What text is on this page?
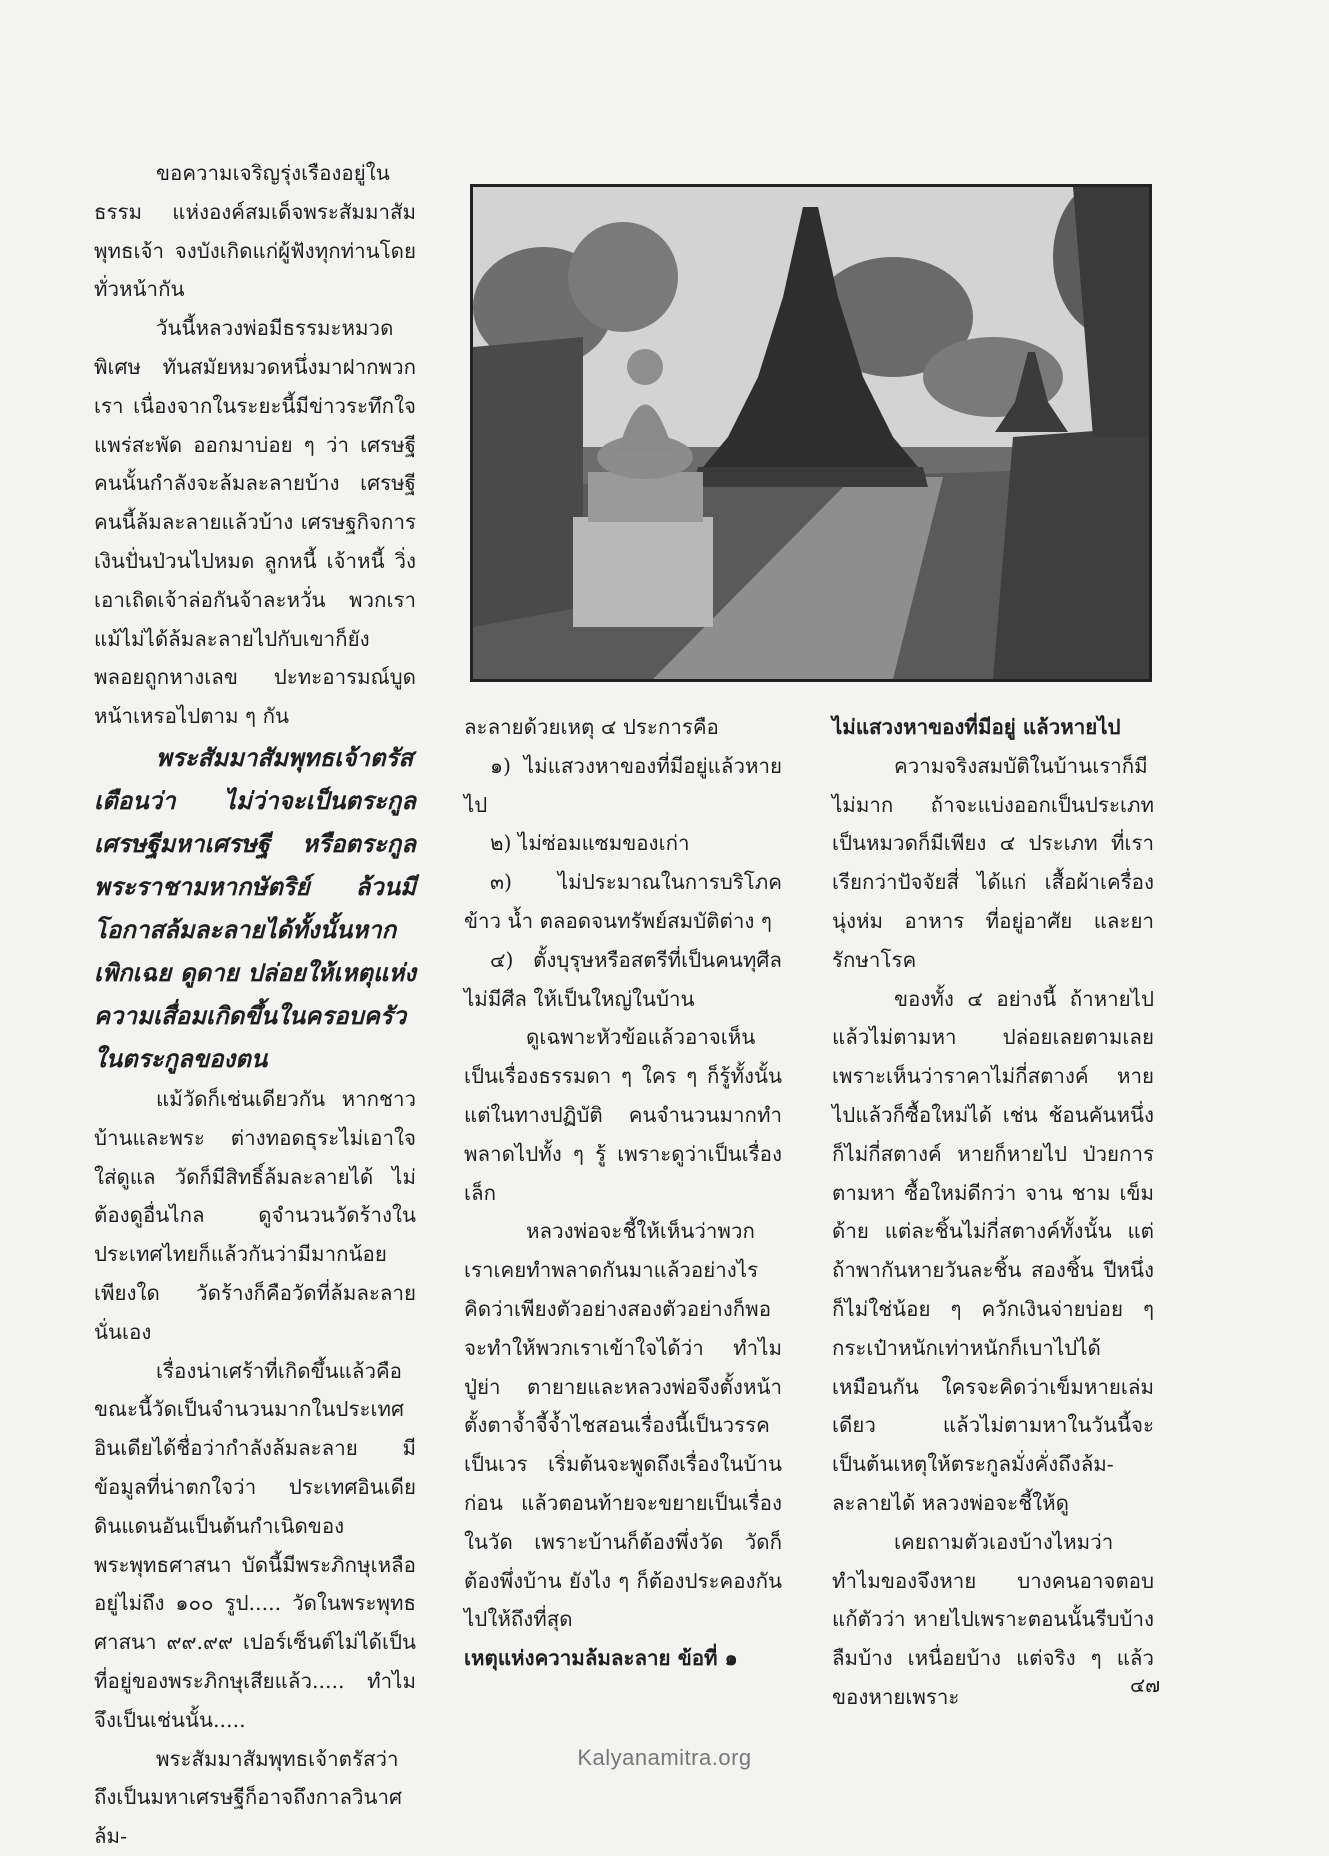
ขอความเจริญรุ่งเรืองอยู่ในธรรม แห่งองค์สมเด็จพระสัมมาสัมพุทธเจ้า จงบังเกิดแก่ผู้ฟังทุกท่านโดยทั่วหน้ากัน

วันนี้หลวงพ่อมีธรรมะหมวดพิเศษ ทันสมัยหมวดหนึ่งมาฝากพวกเรา เนื่องจากในระยะนี้มีข่าวระทึกใจแพร่สะพัด ออกมาบ่อย ๆ ว่า เศรษฐีคนนั้นกำลังจะล้มละลายบ้าง เศรษฐีคนนี้ล้มละลายแล้วบ้าง เศรษฐกิจการเงินปั่นป่วนไปหมด ลูกหนี้ เจ้าหนี้ วิ่งเอาเถิดเจ้าล่อกันจ้าละหวั่น พวกเราแม้ไม่ได้ล้มละลายไปกับเขาก็ยังพลอยถูกหางเลข ปะทะอารมณ์บูดหน้าเหรอไปตาม ๆ กัน

พระสัมมาสัมพุทธเจ้าตรัสเตือนว่า ไม่ว่าจะเป็นตระกูลเศรษฐีมหาเศรษฐี หรือตระกูลพระราชามหากษัตริย์ ล้วนมีโอกาสล้มละลายได้ทั้งนั้นหากเพิกเฉย ดูดาย ปล่อยให้เหตุแห่งความเสื่อมเกิดขึ้นในครอบครัว ในตระกูลของตน

แม้วัดก็เช่นเดียวกัน หากชาวบ้านและพระ ต่างทอดธุระไม่เอาใจใส่ดูแล วัดก็มีสิทธิ์ล้มละลายได้ ไม่ต้องดูอื่นไกล ดูจำนวนวัดร้างในประเทศไทยก็แล้วกันว่ามีมากน้อยเพียงใด วัดร้างก็คือวัดที่ล้มละลายนั่นเอง

เรื่องน่าเศร้าที่เกิดขึ้นแล้วคือ ขณะนี้วัดเป็นจำนวนมากในประเทศอินเดียได้ชื่อว่ากำลังล้มละลาย มีข้อมูลที่น่าตกใจว่า ประเทศอินเดีย ดินแดนอันเป็นต้นกำเนิดของพระพุทธศาสนา บัดนี้มีพระภิกษุเหลืออยู่ไม่ถึง ๑๐๐ รูป..... วัดในพระพุทธศาสนา ๙๙.๙๙ เปอร์เซ็นต์ไม่ได้เป็นที่อยู่ของพระภิกษุเสียแล้ว..... ทำไมจึงเป็นเช่นนั้น.....

พระสัมมาสัมพุทธเจ้าตรัสว่าถึงเป็นมหาเศรษฐีก็อาจถึงกาลวินาศล้ม-

ละลายด้วยเหตุ ๔ ประการคือ

๑) ไม่แสวงหาของที่มีอยู่แล้วหายไป

๒) ไม่ซ่อมแซมของเก่า

๓) ไม่ประมาณในการบริโภค ข้าว น้ำ ตลอดจนทรัพย์สมบัติต่าง ๆ

๔) ตั้งบุรุษหรือสตรีที่เป็นคนทุศีล ไม่มีศีล ให้เป็นใหญ่ในบ้าน

ดูเฉพาะหัวข้อแล้วอาจเห็นเป็นเรื่องธรรมดา ๆ ใคร ๆ ก็รู้ทั้งนั้น แต่ในทางปฏิบัติ คนจำนวนมากทำพลาดไปทั้ง ๆ รู้ เพราะดูว่าเป็นเรื่องเล็ก

หลวงพ่อจะชี้ให้เห็นว่าพวกเราเคยทำพลาดกันมาแล้วอย่างไร คิดว่าเพียงตัวอย่างสองตัวอย่างก็พอจะทำให้พวกเราเข้าใจได้ว่า ทำไมปู่ย่า ตายายและหลวงพ่อจึงตั้งหน้าตั้งตาจ้ำจี้จ้ำไชสอนเรื่องนี้เป็นวรรคเป็นเวร เริ่มต้นจะพูดถึงเรื่องในบ้านก่อน แล้วตอนท้ายจะขยายเป็นเรื่องในวัด เพราะบ้านก็ต้องพึ่งวัด วัดก็ต้องพึ่งบ้าน ยังไง ๆ ก็ต้องประคองกันไปให้ถึงที่สุด

เหตุแห่งความล้มละลาย ข้อที่ ๑

ไม่แสวงหาของที่มีอยู่ แล้วหายไป

ความจริงสมบัติในบ้านเราก็มีไม่มาก ถ้าจะแบ่งออกเป็นประเภท เป็นหมวดก็มีเพียง ๔ ประเภท ที่เราเรียกว่าปัจจัยสี่ ได้แก่ เสื้อผ้าเครื่องนุ่งห่ม อาหาร ที่อยู่อาศัย และยารักษาโรค

ของทั้ง ๔ อย่างนี้ ถ้าหายไปแล้วไม่ตามหา ปล่อยเลยตามเลย เพราะเห็นว่าราคาไม่กี่สตางค์ หายไปแล้วก็ซื้อใหม่ได้ เช่น ช้อนคันหนึ่งก็ไม่กี่สตางค์ หายก็หายไป ป่วยการตามหา ซื้อใหม่ดีกว่า จาน ชาม เข็ม ด้าย แต่ละชิ้นไม่กี่สตางค์ทั้งนั้น แต่ถ้าพากันหายวันละชิ้น สองชิ้น ปีหนึ่งก็ไม่ใช่น้อย ๆ ควักเงินจ่ายบ่อย ๆ กระเป๋าหนักเท่าหนักก็เบาไปได้เหมือนกัน ใครจะคิดว่าเข็มหายเล่มเดียว แล้วไม่ตามหาในวันนี้จะเป็นต้นเหตุให้ตระกูลมั่งคั่งถึงล้ม-ละลายได้ หลวงพ่อจะชี้ให้ดู

เคยถามตัวเองบ้างไหมว่า ทำไมของจึงหาย บางคนอาจตอบแก้ตัวว่า หายไปเพราะตอนนั้นรีบบ้าง ลืมบ้าง เหนื่อยบ้าง แต่จริง ๆ แล้วของหายเพราะ	๔๗
Kalyanamitra.org
